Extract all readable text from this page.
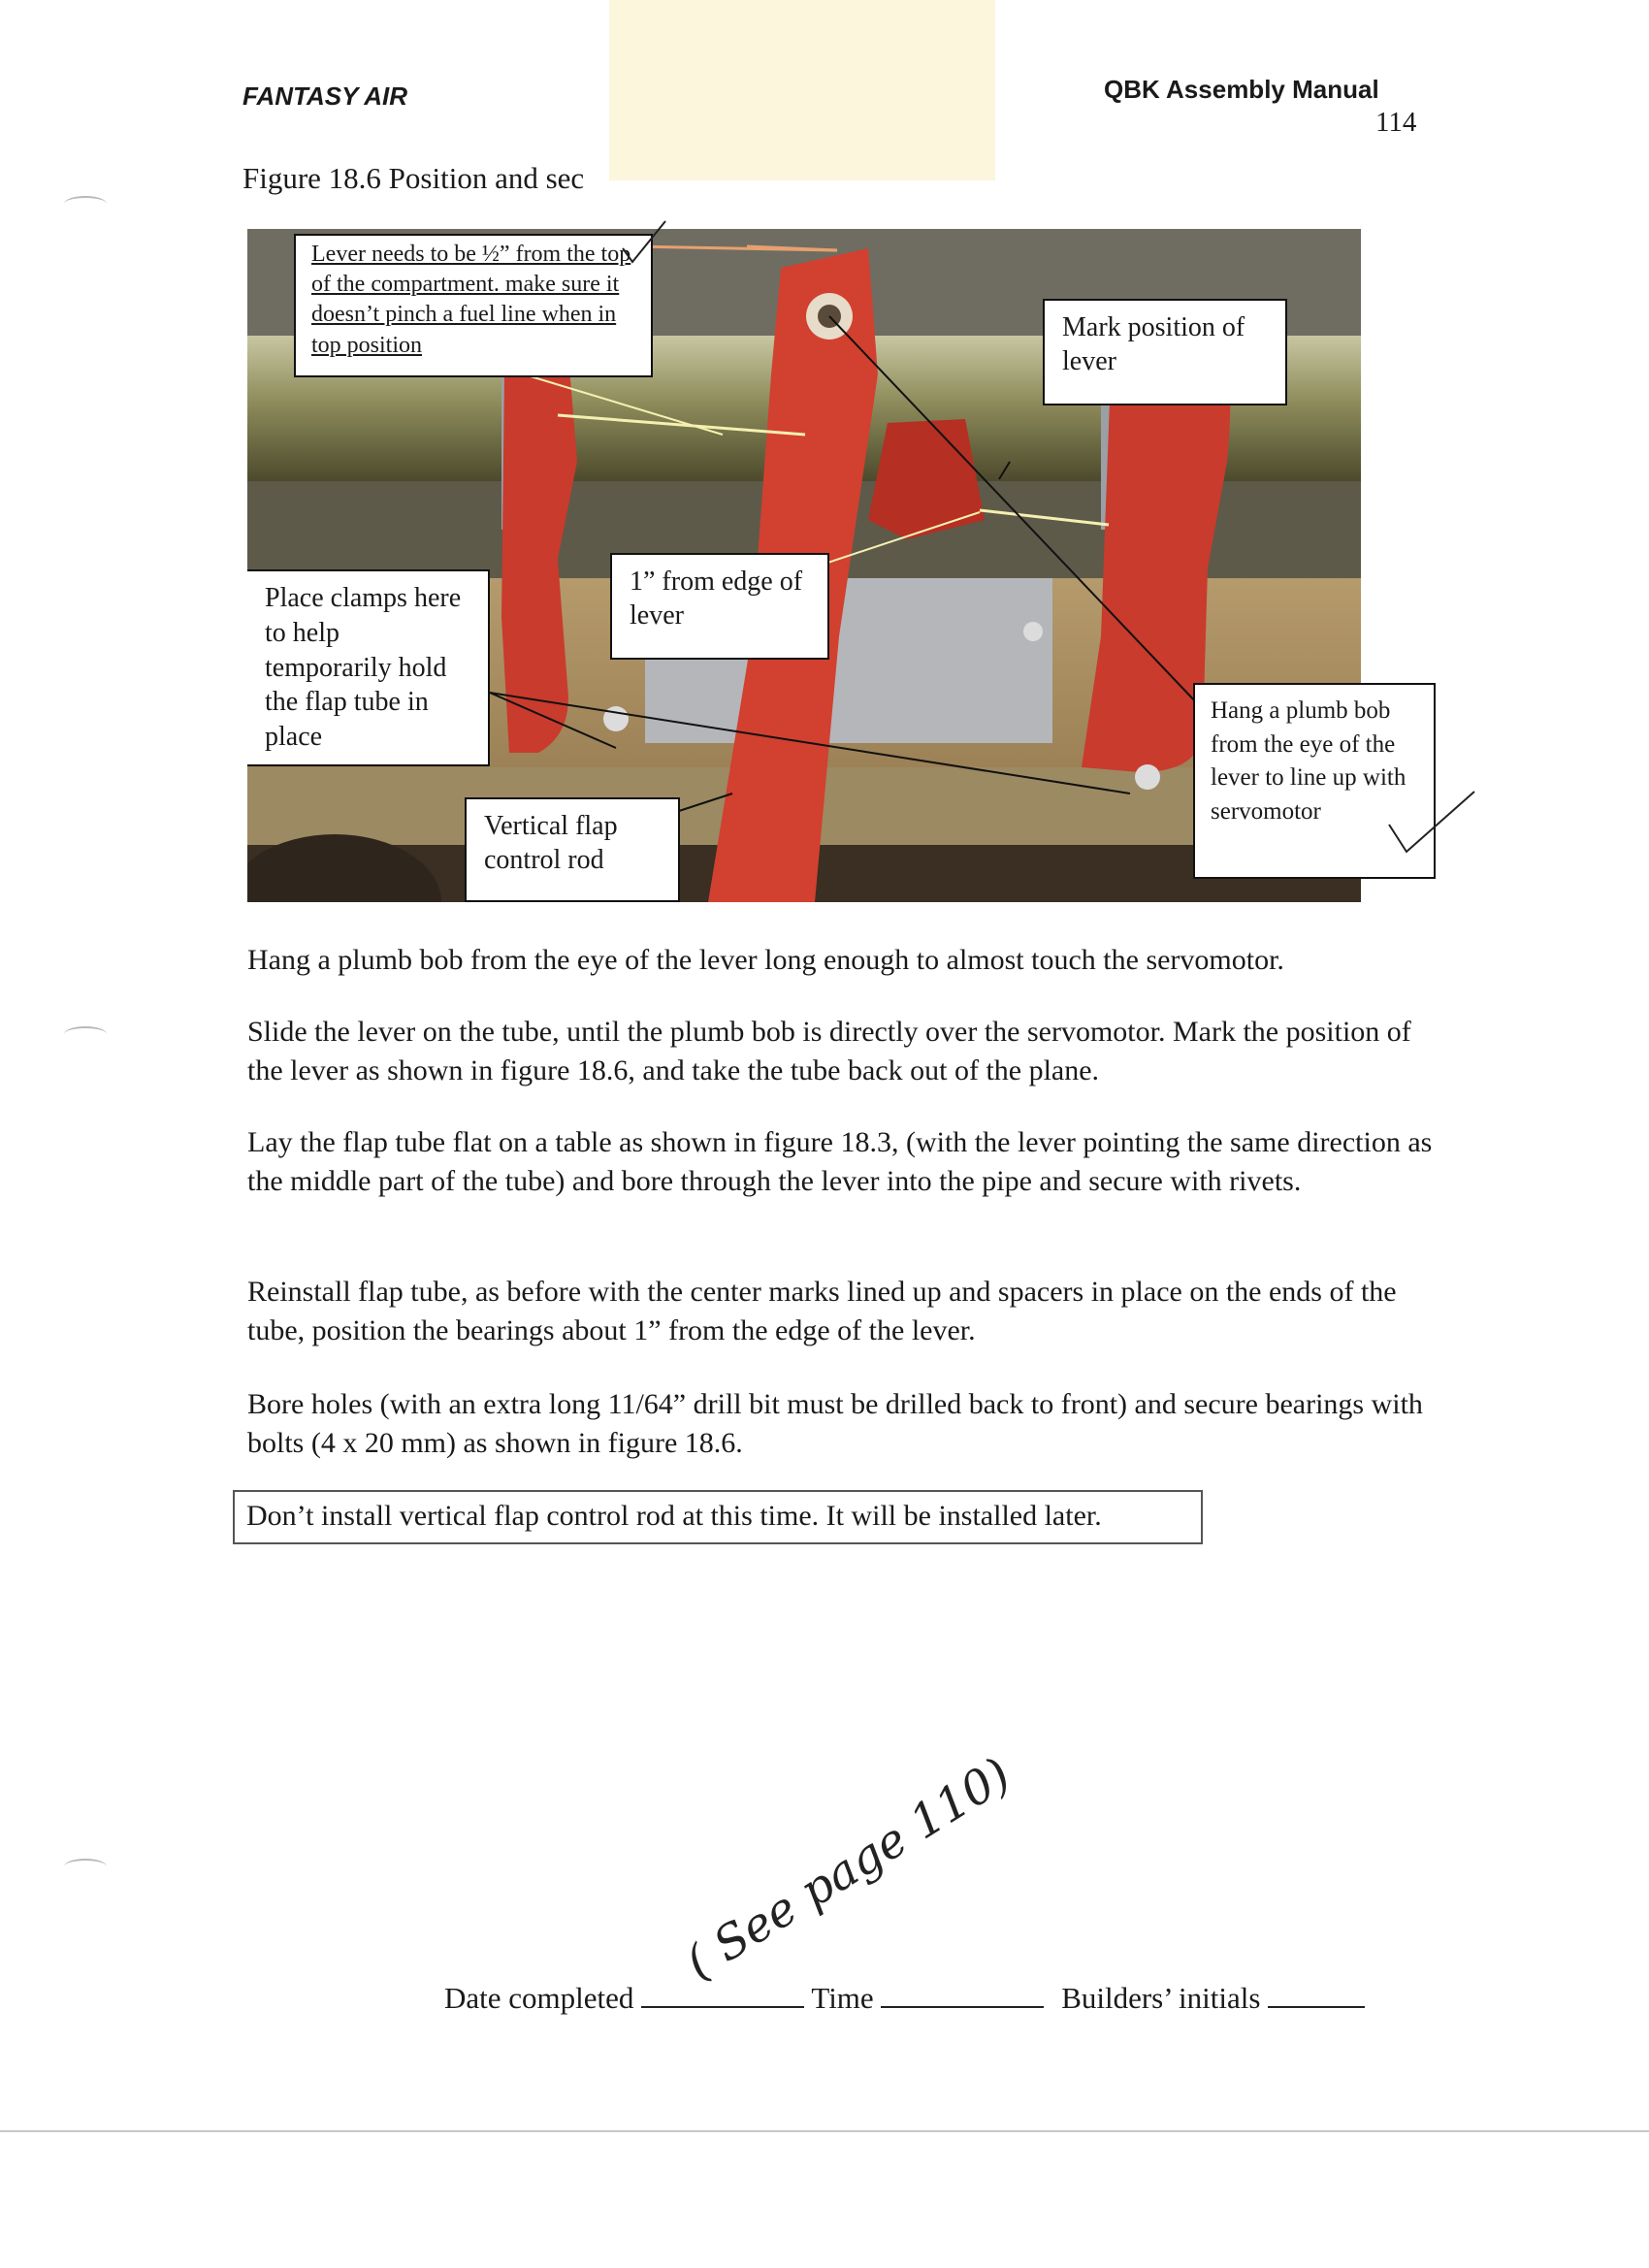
FANTASY AIR	QBK Assembly Manual
114
Figure 18.6 Position and sec
Lever needs to be ½” from the top of the compartment. make sure it doesn’t pinch a fuel line when in top position
Mark position of lever
Place clamps here to help temporarily hold the flap tube in place
1” from edge of lever
Vertical flap control rod
Hang a plumb bob from the eye of the lever to line up with servomotor
Hang a plumb bob from the eye of the lever long enough to almost touch the servomotor.
Slide the lever on the tube, until the plumb bob is directly over the servomotor. Mark the position of the lever as shown in figure 18.6, and take the tube back out of the plane.
Lay the flap tube flat on a table as shown in figure 18.3, (with the lever pointing the same direction as the middle part of the tube) and bore through the lever into the pipe and secure with rivets.
Reinstall flap tube, as before with the center marks lined up and spacers in place on the ends of the tube, position the bearings about 1” from the edge of the lever.
Bore holes (with an extra long 11/64” drill bit must be drilled back to front) and secure bearings with bolts (4 x 20 mm) as shown in figure 18.6.
Don’t install vertical flap control rod at this time. It will be installed later.
Date completed	Time	Builders’ initials
( See page 110)
